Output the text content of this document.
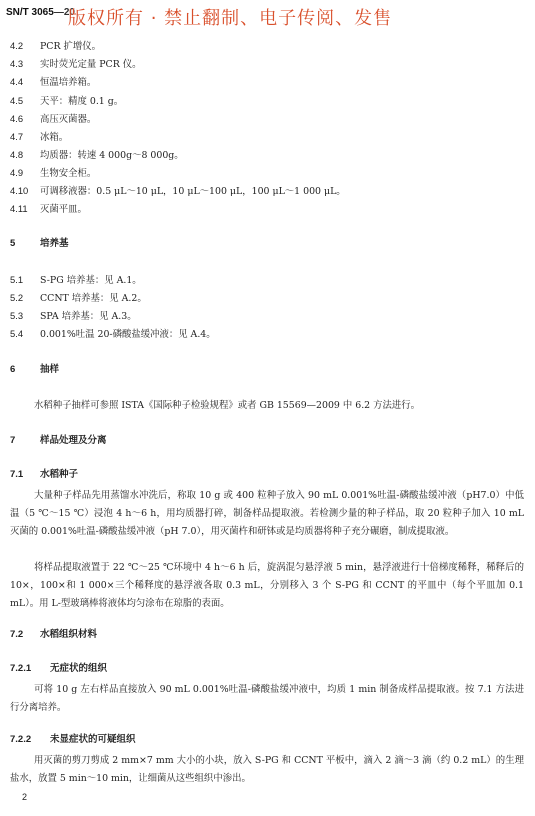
SN/T 3065—20
版权所有 · 禁止翻制、电子传阅、发售
4.2 PCR 扩增仪。
4.3 实时荧光定量 PCR 仪。
4.4 恒温培养箱。
4.5 天平：精度 0.1 g。
4.6 高压灭菌器。
4.7 冰箱。
4.8 均质器：转速 4 000g～8 000g。
4.9 生物安全柜。
4.10 可调移液器：0.5 μL～10 μL，10 μL～100 μL，100 μL～1 000 μL。
4.11 灭菌平皿。
5	培养基
5.1 S-PG 培养基：见 A.1。
5.2 CCNT 培养基：见 A.2。
5.3 SPA 培养基：见 A.3。
5.4 0.001%吐温 20-磷酸盐缓冲液：见 A.4。
6	抽样
水稻种子抽样可参照 ISTA《国际种子检验规程》或者 GB 15569—2009 中 6.2 方法进行。
7	样品处理及分离
7.1 水稻种子
大量种子样品先用蒸馏水冲洗后，称取 10 g 或 400 粒种子放入 90 mL 0.001%吐温-磷酸盐缓冲液（pH7.0）中低温（5 ℃～15 ℃）浸泡 4 h～6 h，用均质器打碎，制备样品提取液。若检测少量的种子样品，取 20 粒种子加入 10 mL 灭菌的 0.001%吐温-磷酸盐缓冲液（pH 7.0），用灭菌杵和研钵或是均质器将种子充分碾磨，制成提取液。
将样品提取液置于 22 ℃～25 ℃环境中 4 h～6 h 后，旋涡混匀悬浮液 5 min，悬浮液进行十倍梯度稀释，稀释后的 10×，100×和 1 000×三个稀释度的悬浮液各取 0.3 mL，分别移入 3 个 S-PG 和 CCNT 的平皿中（每个平皿加 0.1 mL）。用 L-型玻璃棒将液体均匀涂布在琼脂的表面。
7.2 水稻组织材料
7.2.1 无症状的组织
可将 10 g 左右样品直接放入 90 mL 0.001%吐温-磷酸盐缓冲液中，均质 1 min 制备成样品提取液。按 7.1 方法进行分离培养。
7.2.2 未显症状的可疑组织
用灭菌的剪刀剪成 2 mm×7 mm 大小的小块，放入 S-PG 和 CCNT 平板中，滴入 2 滴～3 滴（约 0.2 mL）的生理盐水，放置 5 min～10 min，让细菌从这些组织中渗出。
2
